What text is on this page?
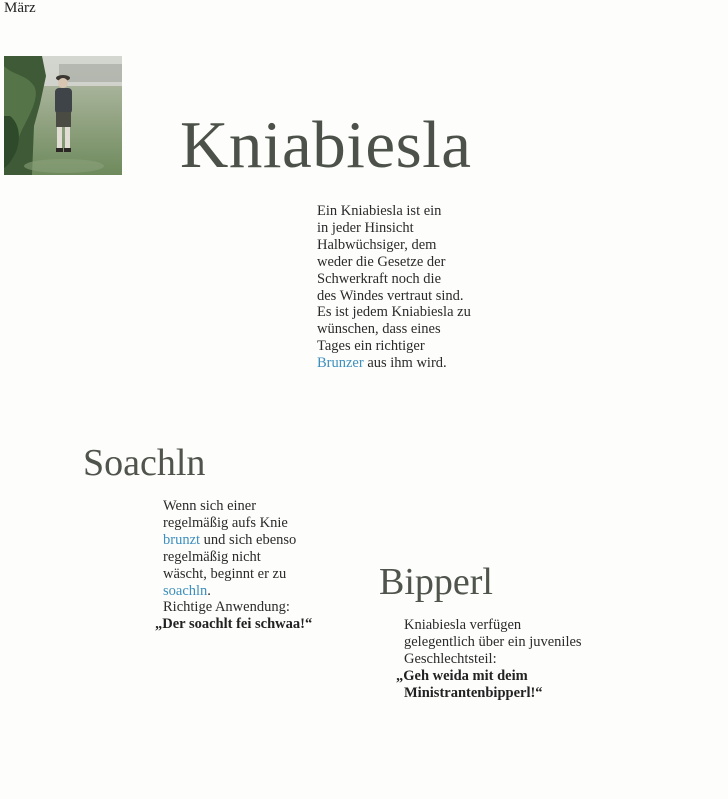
März
Kniabiesla
Ein Kniabiesla ist ein
in jeder Hinsicht
Halbwüchsiger, dem
weder die Gesetze der
Schwerkraft noch die
des Windes vertraut sind.
Es ist jedem Kniabiesla zu
wünschen, dass eines
Tages ein richtiger
Brunzer aus ihm wird.
Soachln
Wenn sich einer
regelmäßig aufs Knie
brunzt und sich ebenso
regelmäßig nicht
wäscht, beginnt er zu
soachln.
Richtige Anwendung:
„Der soachlt fei schwaa!“
Bipperl
Kniabiesla verfügen
gelegentlich über ein juveniles
Geschlechtsteil:
„Geh weida mit deim
Ministrantenbipperl!“
